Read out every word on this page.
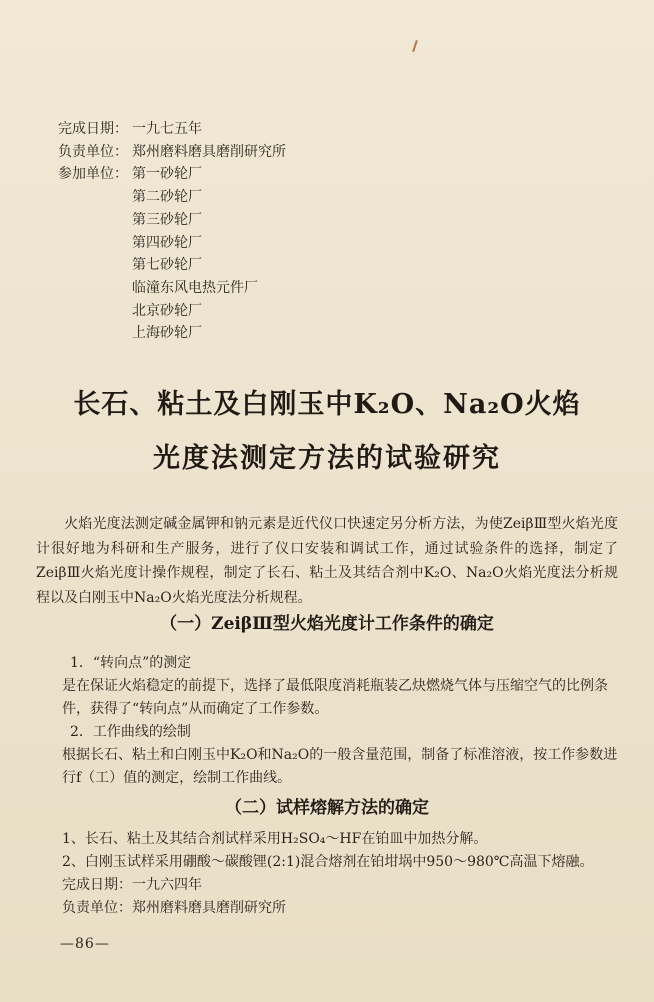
完成日期： 一九七五年
负责单位： 郑州磨料磨具磨削研究所
参加单位： 第一砂轮厂
第二砂轮厂
第三砂轮厂
第四砂轮厂
第七砂轮厂
临潼东风电热元件厂
北京砂轮厂
上海砂轮厂
长石、粘土及白刚玉中K₂O、Na₂O火焰
光度法测定方法的试验研究
火焰光度法测定碱金属钾和钠元素是近代仪口快速定另分析方法，为使ZeiβⅢ型火焰光度计很好地为科研和生产服务，进行了仪口安装和调试工作，通过试验条件的选择，制定了ZeiβⅢ火焰光度计操作规程，制定了长石、粘土及其结合剂中K₂O、Na₂O火焰光度法分析规程以及白刚玉中Na₂O火焰光度法分析规程。
（一）ZeiβⅢ型火焰光度计工作条件的确定
1．“转向点”的测定
是在保证火焰稳定的前提下，选择了最低限度消耗瓶装乙炔燃烧气体与压缩空气的比例条件，获得了“转向点”从而确定了工作参数。
2．工作曲线的绘制
根据长石、粘土和白刚玉中K₂O和Na₂O的一般含量范围，制备了标准溶液，按工作参数进行f（工）值的测定，绘制工作曲线。
（二）试样熔解方法的确定
1、长石、粘土及其结合剂试样采用H₂SO₄～HF在铂皿中加热分解。
2、白刚玉试样采用硼酸～碳酸锂(2:1)混合熔剂在铂坩埚中950～980℃高温下熔融。
完成日期：一九六四年
负责单位：郑州磨料磨具磨削研究所
—86—
